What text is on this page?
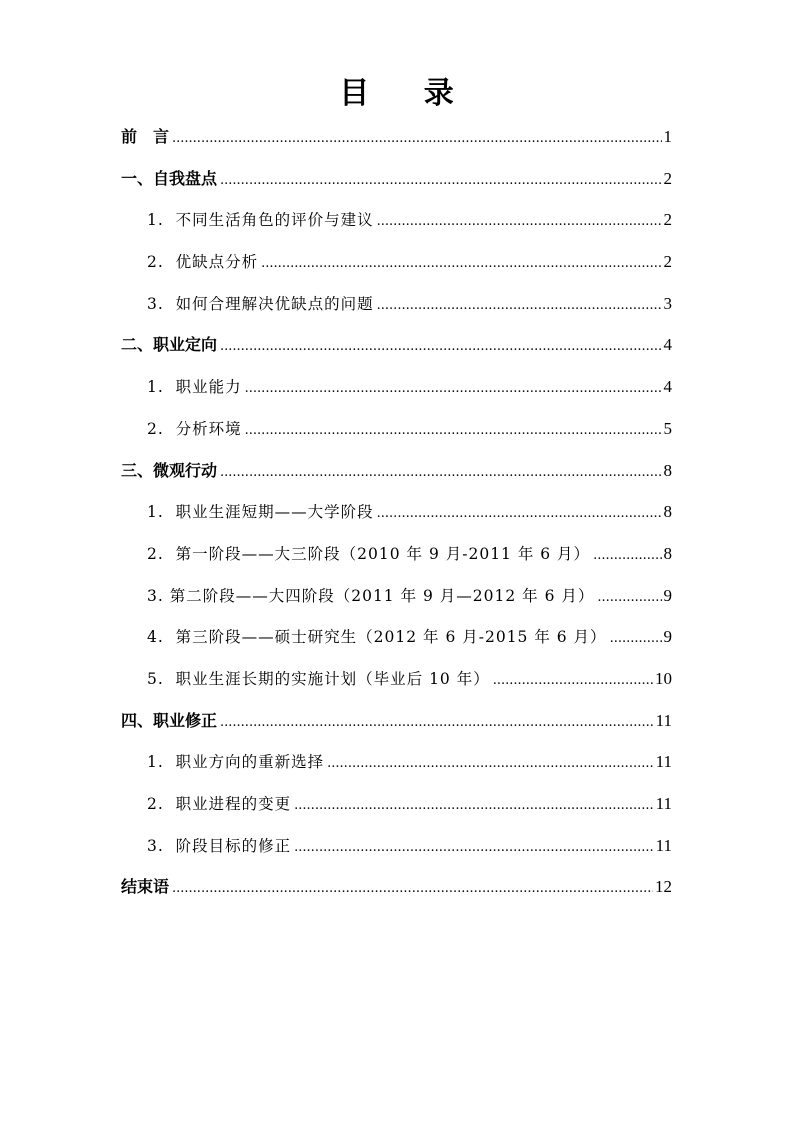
目 录
前　言 .....	1
一、自我盘点 .....	2
1.  不同生活角色的评价与建议 .....	2
2.  优缺点分析 .....	2
3.  如何合理解决优缺点的问题 .....	3
二、职业定向 .....	4
1.  职业能力 .....	4
2.  分析环境 .....	5
三、微观行动 .....	8
1.  职业生涯短期——大学阶段 .....	8
2.  第一阶段——大三阶段（2010 年 9 月-2011 年 6 月） .....	8
3. 第二阶段——大四阶段（2011 年 9 月—2012 年 6 月） .....	9
4.  第三阶段——硕士研究生（2012 年 6 月-2015 年 6 月） .....	9
5.  职业生涯长期的实施计划（毕业后 10 年） .....	10
四、职业修正 .....	11
1.  职业方向的重新选择 .....	11
2.  职业进程的变更 .....	11
3.  阶段目标的修正 .....	11
结束语 .....	12
